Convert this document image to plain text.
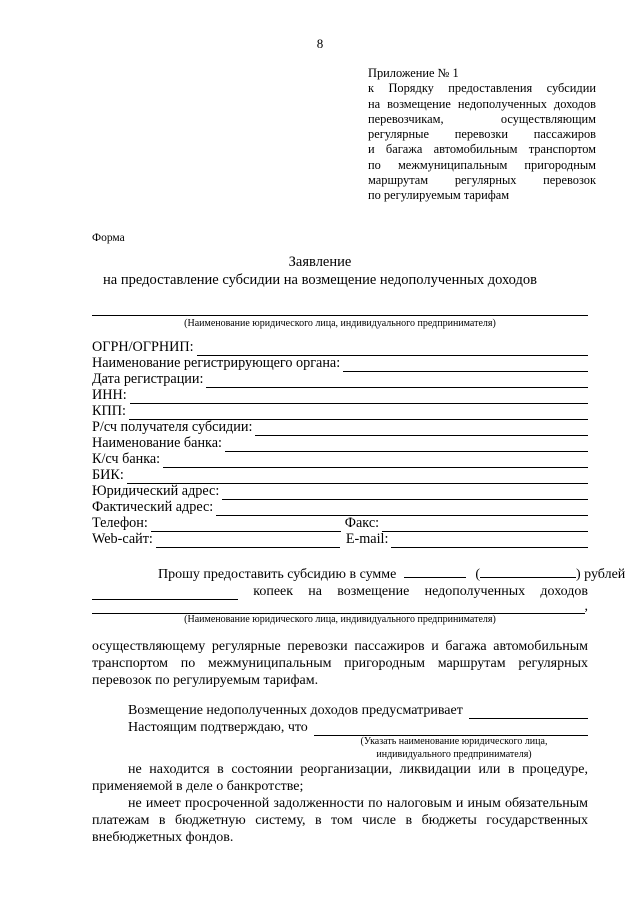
8
Приложение № 1
к Порядку предоставления субсидии
на возмещение недополученных доходов
перевозчикам, осуществляющим
регулярные перевозки пассажиров
и багажа автомобильным транспортом
по межмуниципальным пригородным
маршрутам регулярных перевозок
по регулируемым тарифам
Форма
Заявление
на предоставление субсидии на возмещение недополученных доходов
(Наименование юридического лица, индивидуального предпринимателя)
ОГРН/ОГРНИП:
Наименование регистрирующего органа:
Дата регистрации:
ИНН:
КПП:
Р/сч получателя субсидии:
Наименование банка:
К/сч банка:
БИК:
Юридический адрес:
Фактический адрес:
Телефон:	Факс:
Web-сайт:	E-mail:
Прошу предоставить субсидию в сумме	(	) рублей
копеек на возмещение недополученных доходов
,
(Наименование юридического лица, индивидуального предпринимателя)
осуществляющему регулярные перевозки пассажиров и багажа автомобильным
транспортом по межмуниципальным пригородным маршрутам регулярных
перевозок по регулируемым тарифам.
Возмещение недополученных доходов предусматривает
Настоящим подтверждаю, что
(Указать наименование юридического лица,
индивидуального предпринимателя)
не находится в состоянии реорганизации, ликвидации или в процедуре,
применяемой в деле о банкротстве;
не имеет просроченной задолженности по налоговым и иным обязательным
платежам в бюджетную систему, в том числе в бюджеты государственных
внебюджетных фондов.
